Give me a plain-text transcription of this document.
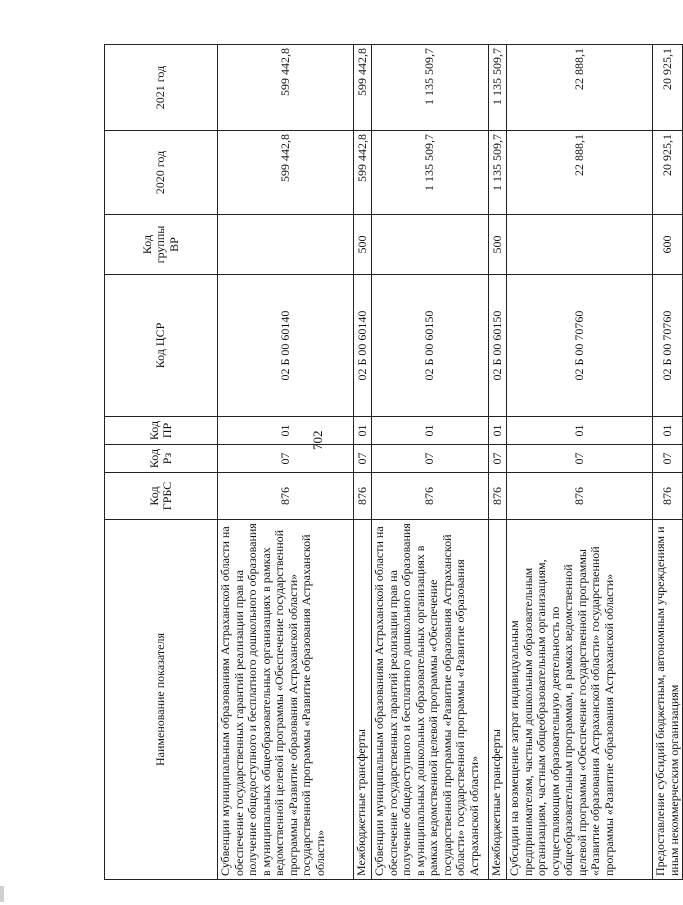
702
Наименование показателя	Код ГРБС	Код Рз	Код ПР	Код ЦСР	Код группы ВР	2020 год	2021 год
Субвенции муниципальным образованиям Астраханской области на обеспечение государственных гарантий реализации прав на получение общедоступного и бесплатного дошкольного образования в муниципальных общеобразовательных организациях в рамках ведомственной целевой программы «Обеспечение государственной программы «Развитие образования Астраханской области» государственной программы «Развитие образования Астраханской области»	876	07	01	02 Б 00 60140		599 442,8	599 442,8
Межбюджетные трансферты	876	07	01	02 Б 00 60140	500	599 442,8	599 442,8
Субвенции муниципальным образованиям Астраханской области на обеспечение государственных гарантий реализации прав на получение общедоступного и бесплатного дошкольного образования в муниципальных дошкольных образовательных организациях в рамках ведомственной целевой программы «Обеспечение государственной программы «Развитие образования Астраханской области» государственной программы «Развитие образования Астраханской области»	876	07	01	02 Б 00 60150		1 135 509,7	1 135 509,7
Межбюджетные трансферты	876	07	01	02 Б 00 60150	500	1 135 509,7	1 135 509,7
Субсидии на возмещение затрат индивидуальным предпринимателям, частным дошкольным образовательным организациям, частным общеобразовательным организациям, осуществляющим образовательную деятельность по общеобразовательным программам, в рамках ведомственной целевой программы «Обеспечение государственной программы «Развитие образования Астраханской области» государственной программы «Развитие образования Астраханской области»	876	07	01	02 Б 00 70760		22 888,1	22 888,1
Предоставление субсидий бюджетным, автономным учреждениям и иным некоммерческим организациям	876	07	01	02 Б 00 70760	600	20 925,1	20 925,1
